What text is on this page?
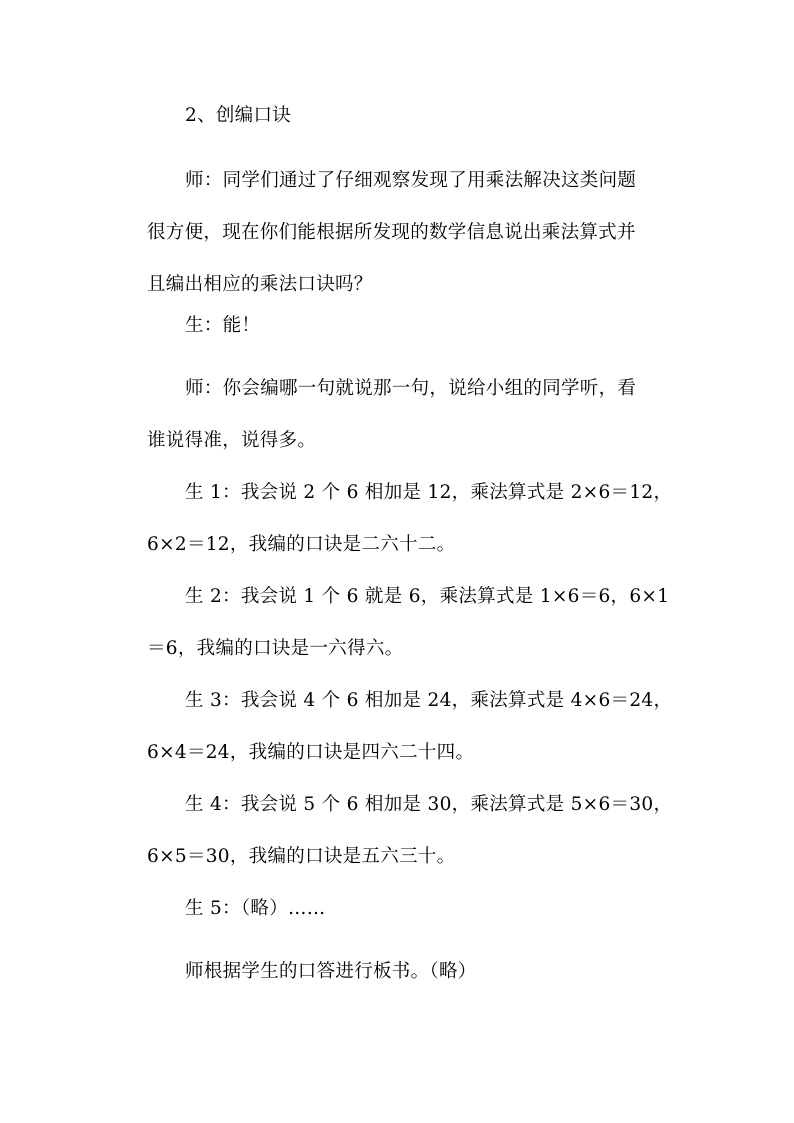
2、创编口诀
师：同学们通过了仔细观察发现了用乘法解决这类问题
很方便，现在你们能根据所发现的数学信息说出乘法算式并
且编出相应的乘法口诀吗？
生：能！
师：你会编哪一句就说那一句，说给小组的同学听，看
谁说得准，说得多。
生 1：我会说 2 个 6 相加是 12，乘法算式是 2×6＝12，
6×2＝12，我编的口诀是二六十二。
生 2：我会说 1 个 6 就是 6，乘法算式是 1×6＝6，6×1
＝6，我编的口诀是一六得六。
生 3：我会说 4 个 6 相加是 24，乘法算式是 4×6＝24，
6×4＝24，我编的口诀是四六二十四。
生 4：我会说 5 个 6 相加是 30，乘法算式是 5×6＝30，
6×5＝30，我编的口诀是五六三十。
生 5：（略）……
师根据学生的口答进行板书。（略）
